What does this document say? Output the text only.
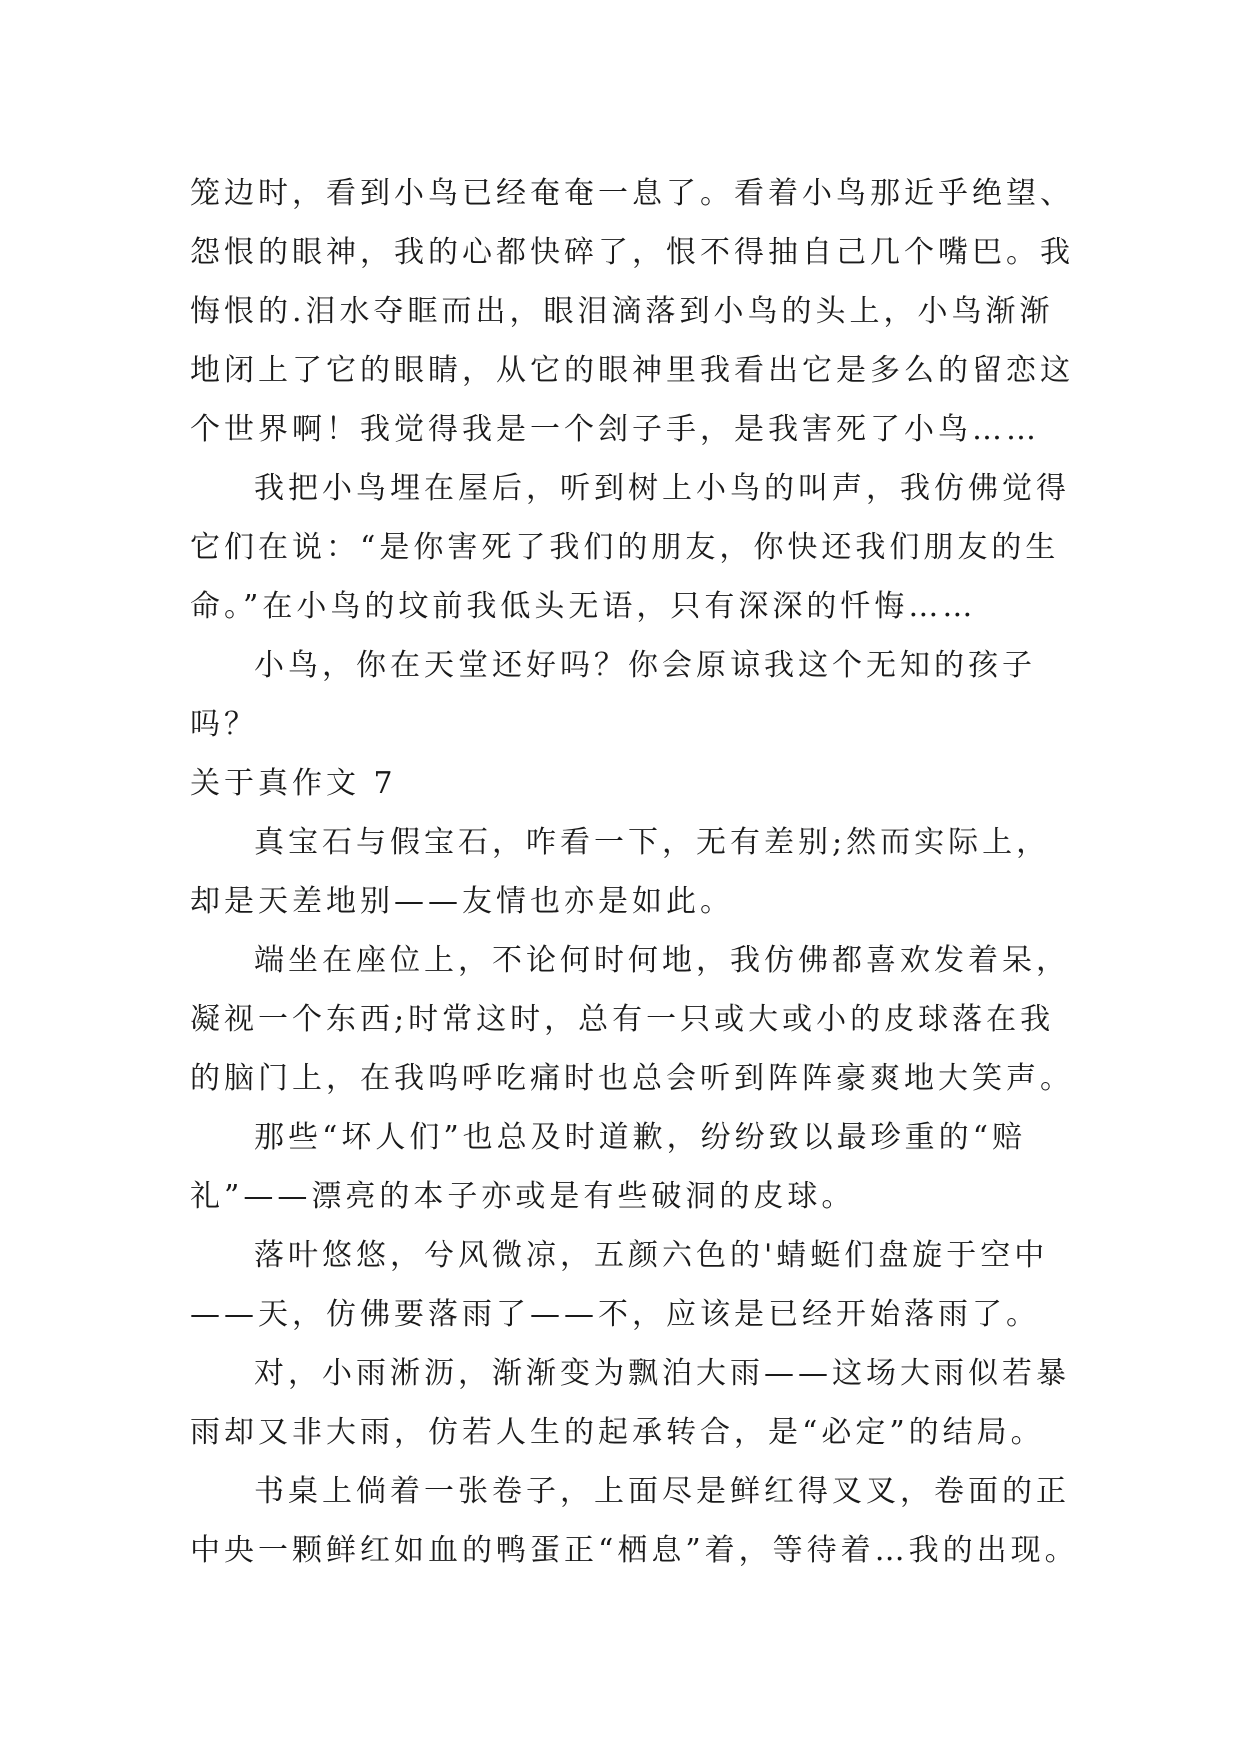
笼边时，看到小鸟已经奄奄一息了。看着小鸟那近乎绝望、
怨恨的眼神，我的心都快碎了，恨不得抽自己几个嘴巴。我
悔恨的.泪水夺眶而出，眼泪滴落到小鸟的头上，小鸟渐渐
地闭上了它的眼睛，从它的眼神里我看出它是多么的留恋这
个世界啊！我觉得我是一个刽子手，是我害死了小鸟……
我把小鸟埋在屋后，听到树上小鸟的叫声，我仿佛觉得
它们在说：“是你害死了我们的朋友，你快还我们朋友的生
命。”在小鸟的坟前我低头无语，只有深深的忏悔……
小鸟，你在天堂还好吗？你会原谅我这个无知的孩子
吗？
关于真作文 7
真宝石与假宝石，咋看一下，无有差别;然而实际上，
却是天差地别——友情也亦是如此。
端坐在座位上，不论何时何地，我仿佛都喜欢发着呆，
凝视一个东西;时常这时，总有一只或大或小的皮球落在我
的脑门上，在我呜呼吃痛时也总会听到阵阵豪爽地大笑声。
那些“坏人们”也总及时道歉，纷纷致以最珍重的“赔
礼”——漂亮的本子亦或是有些破洞的皮球。
落叶悠悠，兮风微凉，五颜六色的'蜻蜓们盘旋于空中
——天，仿佛要落雨了——不，应该是已经开始落雨了。
对，小雨淅沥，渐渐变为飘泊大雨——这场大雨似若暴
雨却又非大雨，仿若人生的起承转合，是“必定”的结局。
书桌上倘着一张卷子，上面尽是鲜红得叉叉，卷面的正
中央一颗鲜红如血的鸭蛋正“栖息”着，等待着…我的出现。
